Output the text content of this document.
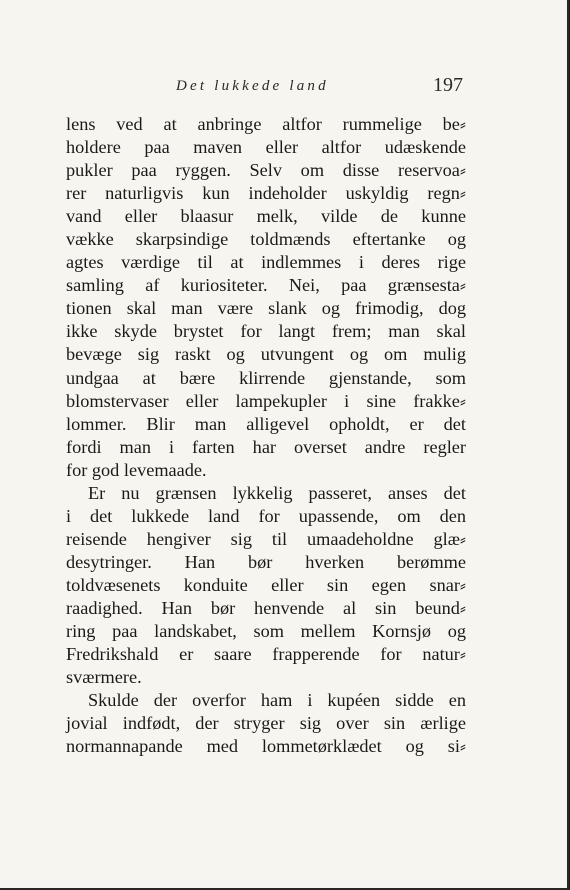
Det lukkede land	197
lens ved at anbringe altfor rummelige be⸗
holdere paa maven eller altfor udæskende
pukler paa ryggen. Selv om disse reservoa⸗
rer naturligvis kun indeholder uskyldig regn⸗
vand eller blaasur melk, vilde de kunne
vække skarpsindige toldmænds eftertanke og
agtes værdige til at indlemmes i deres rige
samling af kuriositeter. Nei, paa grænsesta⸗
tionen skal man være slank og frimodig, dog
ikke skyde brystet for langt frem; man skal
bevæge sig raskt og utvungent og om mulig
undgaa at bære klirrende gjenstande, som
blomstervaser eller lampekupler i sine frakke⸗
lommer. Blir man alligevel opholdt, er det
fordi man i farten har overset andre regler
for god levemaade.
Er nu grænsen lykkelig passeret, anses det
i det lukkede land for upassende, om den
reisende hengiver sig til umaadeholdne glæ⸗
desytringer. Han bør hverken berømme
toldvæsenets konduite eller sin egen snar⸗
raadighed. Han bør henvende al sin beund⸗
ring paa landskabet, som mellem Kornsjø og
Fredrikshald er saare frapperende for natur⸗
sværmere.
Skulde der overfor ham i kupéen sidde en
jovial indfødt, der stryger sig over sin ærlige
normannapande med lommetørklædet og si⸗
